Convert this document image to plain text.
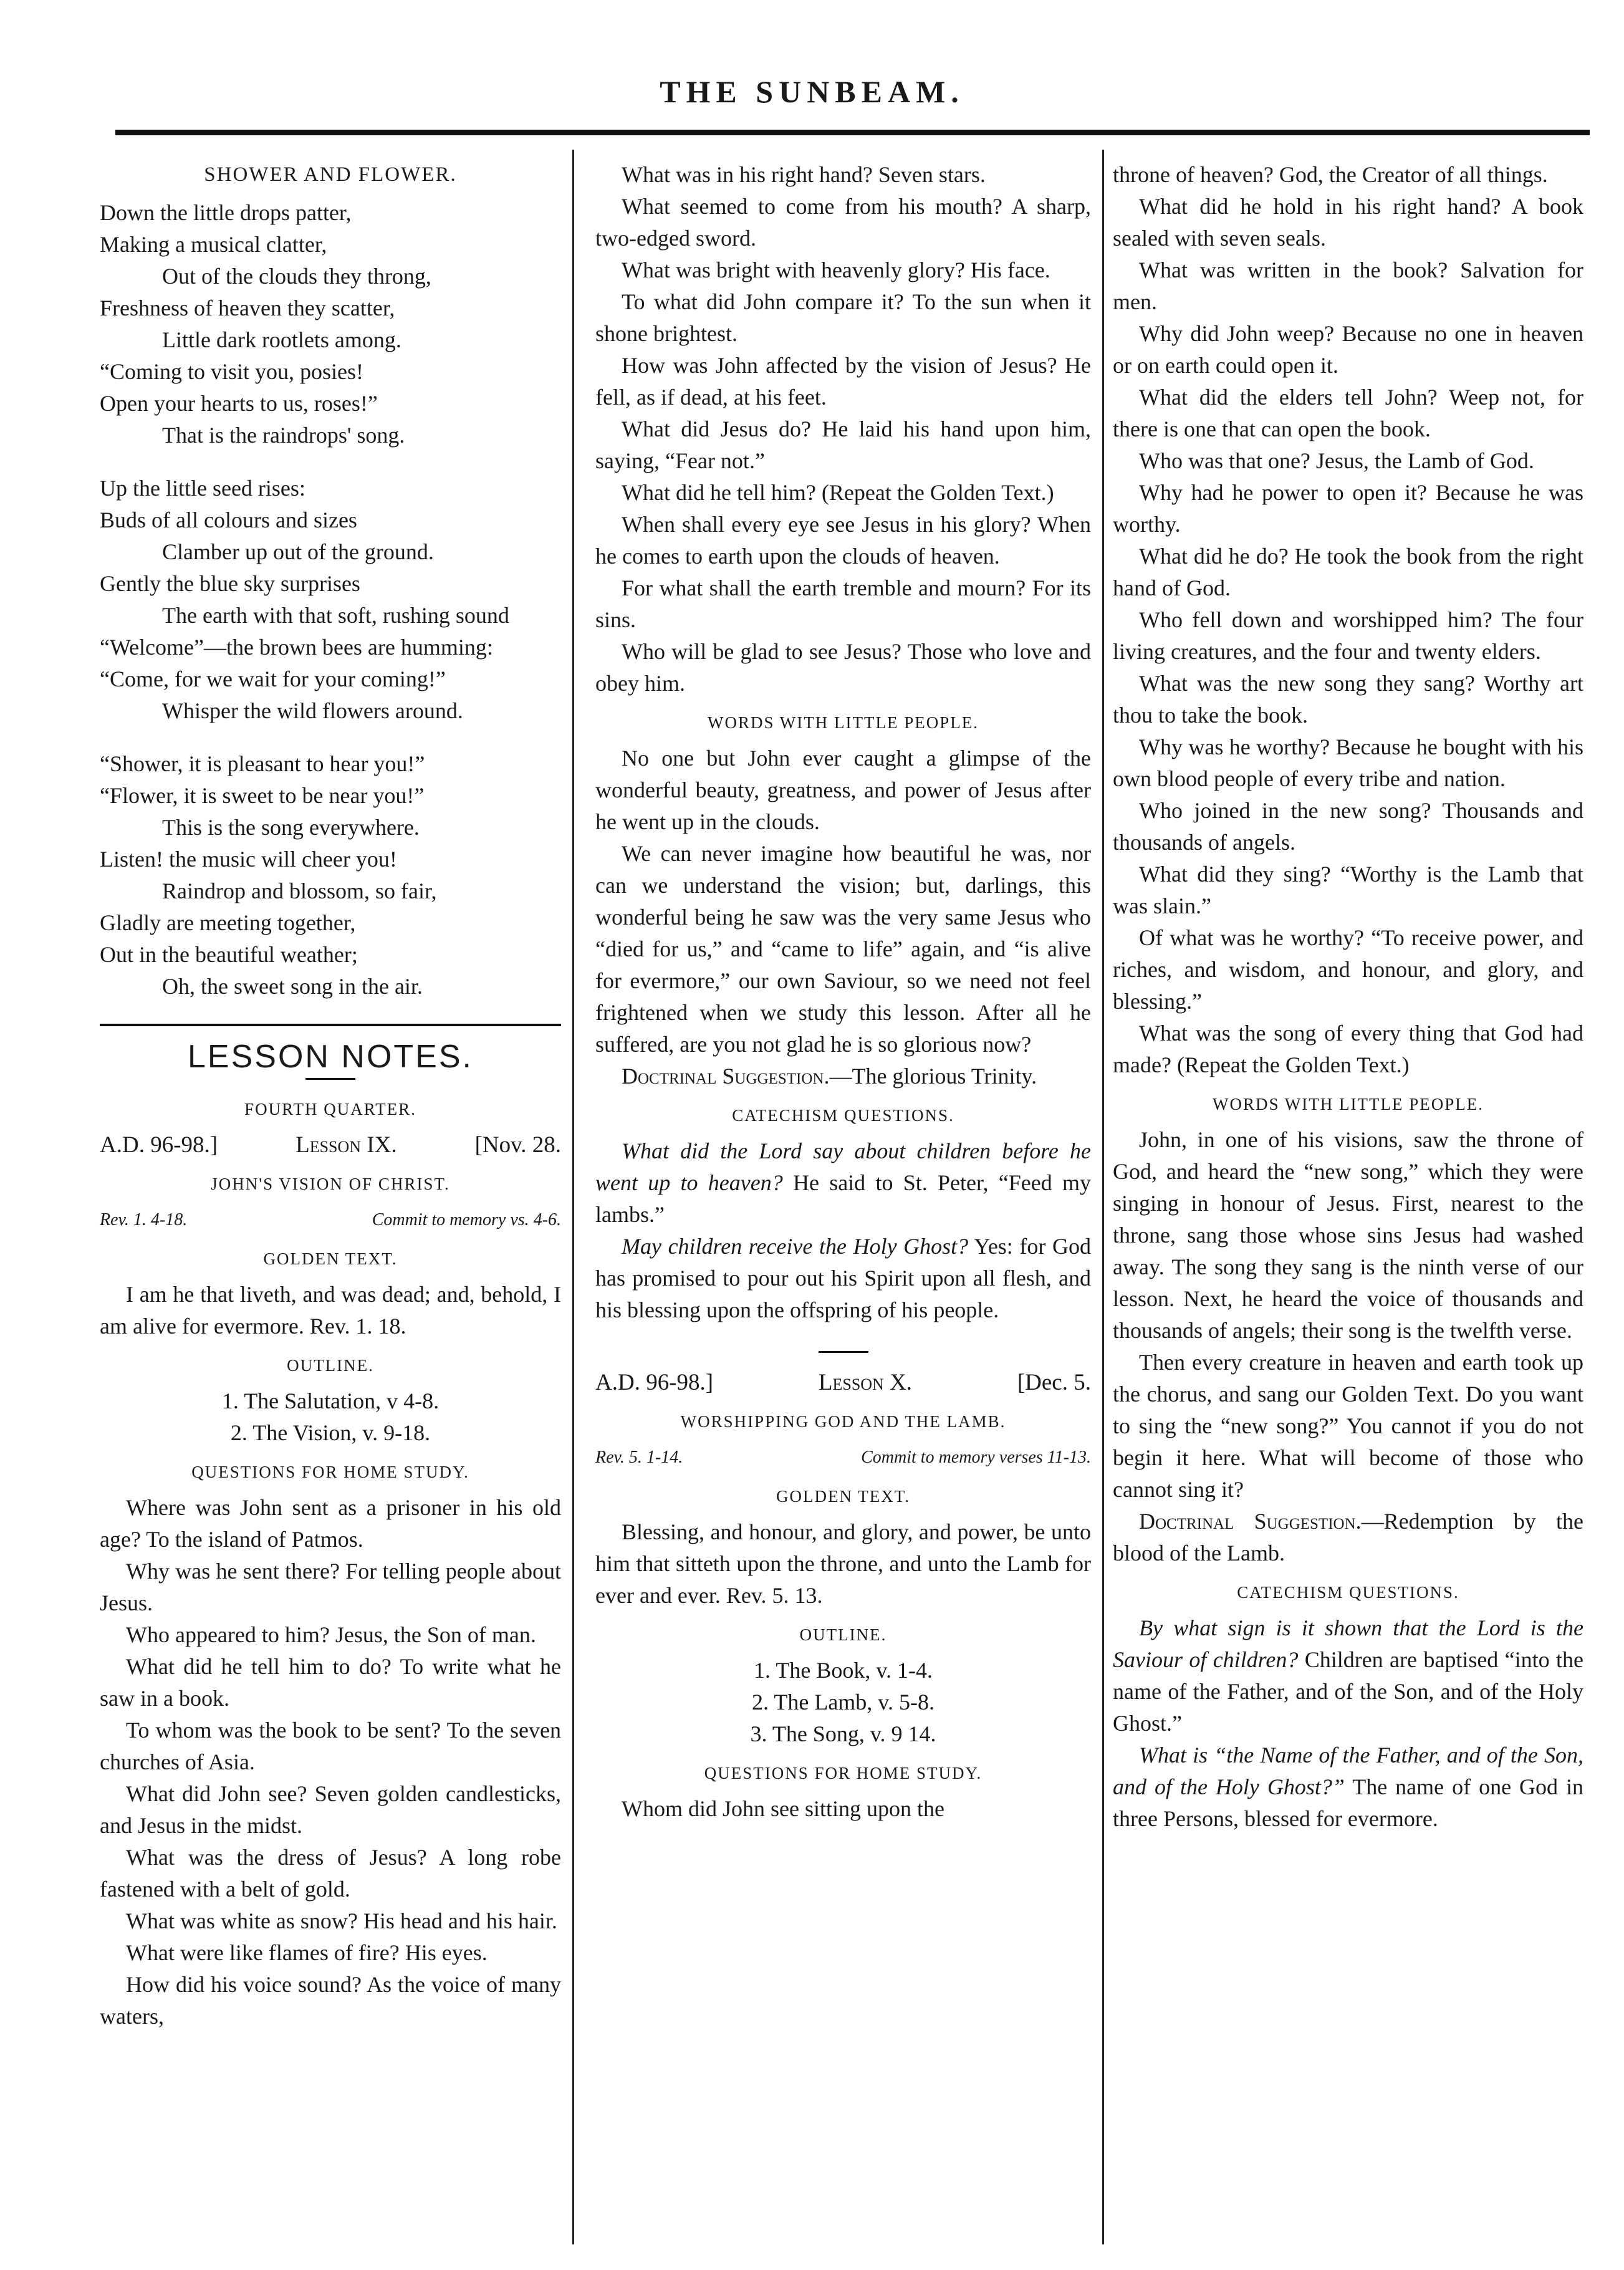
THE SUNBEAM.
SHOWER AND FLOWER.
Down the little drops patter,
Making a musical clatter,
Out of the clouds they throng,
Freshness of heaven they scatter,
Little dark rootlets among.
“Coming to visit you, posies!
Open your hearts to us, roses!”
That is the raindrops' song.
Up the little seed rises:
Buds of all colours and sizes
Clamber up out of the ground.
Gently the blue sky surprises
The earth with that soft, rushing sound
“Welcome”—the brown bees are humming:
“Come, for we wait for your coming!”
Whisper the wild flowers around.
“Shower, it is pleasant to hear you!”
“Flower, it is sweet to be near you!”
This is the song everywhere.
Listen! the music will cheer you!
Raindrop and blossom, so fair,
Gladly are meeting together,
Out in the beautiful weather;
Oh, the sweet song in the air.
LESSON NOTES.
FOURTH QUARTER.
A.D. 96-98.]	Lesson IX.	[Nov. 28.
JOHN'S VISION OF CHRIST.
Rev. 1. 4-18.	Commit to memory vs. 4-6.
GOLDEN TEXT.

I am he that liveth, and was dead; and, behold, I am alive for evermore. Rev. 1. 18.

OUTLINE.
1. The Salutation, v 4-8.
2. The Vision, v. 9-18.
QUESTIONS FOR HOME STUDY.

Where was John sent as a prisoner in his old age? To the island of Patmos.

Why was he sent there? For telling people about Jesus.

Who appeared to him? Jesus, the Son of man.

What did he tell him to do? To write what he saw in a book.

To whom was the book to be sent? To the seven churches of Asia.

What did John see? Seven golden candlesticks, and Jesus in the midst.

What was the dress of Jesus? A long robe fastened with a belt of gold.

What was white as snow? His head and his hair.

What were like flames of fire? His eyes.

How did his voice sound? As the voice of many waters,

What was in his right hand? Seven stars.

What seemed to come from his mouth? A sharp, two-edged sword.

What was bright with heavenly glory? His face.

To what did John compare it? To the sun when it shone brightest.

How was John affected by the vision of Jesus? He fell, as if dead, at his feet.

What did Jesus do? He laid his hand upon him, saying, “Fear not.”

What did he tell him? (Repeat the Golden Text.)

When shall every eye see Jesus in his glory? When he comes to earth upon the clouds of heaven.

For what shall the earth tremble and mourn? For its sins.

Who will be glad to see Jesus? Those who love and obey him.

WORDS WITH LITTLE PEOPLE.

No one but John ever caught a glimpse of the wonderful beauty, greatness, and power of Jesus after he went up in the clouds.

We can never imagine how beautiful he was, nor can we understand the vision; but, darlings, this wonderful being he saw was the very same Jesus who “died for us,” and “came to life” again, and “is alive for evermore,” our own Saviour, so we need not feel frightened when we study this lesson. After all he suffered, are you not glad he is so glorious now?

Doctrinal Suggestion.—The glorious Trinity.

CATECHISM QUESTIONS.

What did the Lord say about children before he went up to heaven? He said to St. Peter, “Feed my lambs.”

May children receive the Holy Ghost? Yes: for God has promised to pour out his Spirit upon all flesh, and his blessing upon the offspring of his people.

A.D. 96-98.]	Lesson X.	[Dec. 5.
WORSHIPPING GOD AND THE LAMB.
Rev. 5. 1-14.	Commit to memory verses 11-13.
GOLDEN TEXT.

Blessing, and honour, and glory, and power, be unto him that sitteth upon the throne, and unto the Lamb for ever and ever. Rev. 5. 13.

OUTLINE.
1. The Book, v. 1-4.
2. The Lamb, v. 5-8.
3. The Song, v. 9 14.
QUESTIONS FOR HOME STUDY.

Whom did John see sitting upon the

throne of heaven? God, the Creator of all things.

What did he hold in his right hand? A book sealed with seven seals.

What was written in the book? Salvation for men.

Why did John weep? Because no one in heaven or on earth could open it.

What did the elders tell John? Weep not, for there is one that can open the book.

Who was that one? Jesus, the Lamb of God.

Why had he power to open it? Because he was worthy.

What did he do? He took the book from the right hand of God.

Who fell down and worshipped him? The four living creatures, and the four and twenty elders.

What was the new song they sang? Worthy art thou to take the book.

Why was he worthy? Because he bought with his own blood people of every tribe and nation.

Who joined in the new song? Thousands and thousands of angels.

What did they sing? “Worthy is the Lamb that was slain.”

Of what was he worthy? “To receive power, and riches, and wisdom, and honour, and glory, and blessing.”

What was the song of every thing that God had made? (Repeat the Golden Text.)

WORDS WITH LITTLE PEOPLE.

John, in one of his visions, saw the throne of God, and heard the “new song,” which they were singing in honour of Jesus. First, nearest to the throne, sang those whose sins Jesus had washed away. The song they sang is the ninth verse of our lesson. Next, he heard the voice of thousands and thousands of angels; their song is the twelfth verse.

Then every creature in heaven and earth took up the chorus, and sang our Golden Text. Do you want to sing the “new song?” You cannot if you do not begin it here. What will become of those who cannot sing it?

Doctrinal Suggestion.—Redemption by the blood of the Lamb.

CATECHISM QUESTIONS.

By what sign is it shown that the Lord is the Saviour of children? Children are baptised “into the name of the Father, and of the Son, and of the Holy Ghost.”

What is “the Name of the Father, and of the Son, and of the Holy Ghost?” The name of one God in three Persons, blessed for evermore.
